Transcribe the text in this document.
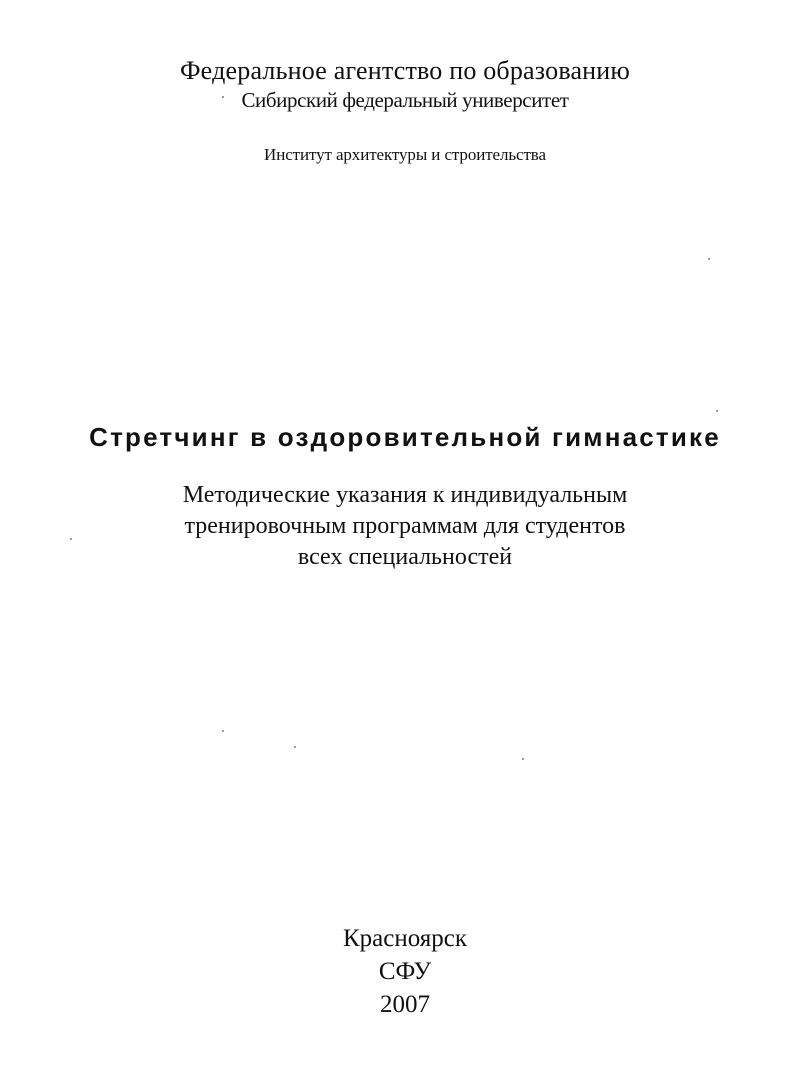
Федеральное агентство по образованию
Сибирский федеральный университет
Институт архитектуры и строительства
Стретчинг в оздоровительной гимнастике
Методические указания к индивидуальным
тренировочным программам для студентов
всех специальностей
Красноярск
СФУ
2007
